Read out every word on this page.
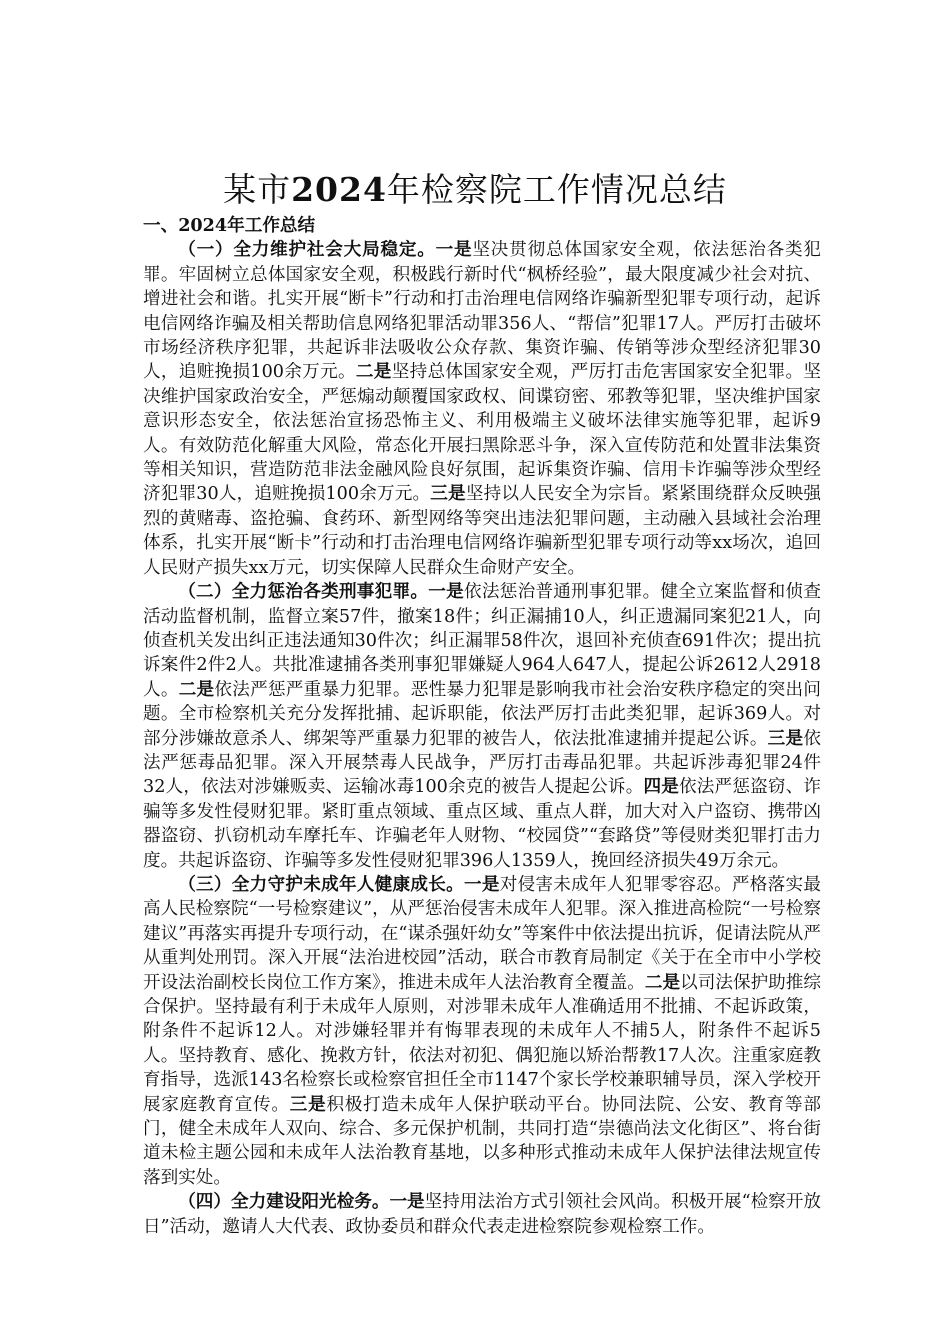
某市2024年检察院工作情况总结

一、2024年工作总结

（一）全力维护社会大局稳定。一是坚决贯彻总体国家安全观，依法惩治各类犯罪。牢固树立总体国家安全观，积极践行新时代“枫桥经验”，最大限度减少社会对抗、增进社会和谐。扎实开展“断卡”行动和打击治理电信网络诈骗新型犯罪专项行动，起诉电信网络诈骗及相关帮助信息网络犯罪活动罪356人、“帮信”犯罪17人。严厉打击破坏市场经济秩序犯罪，共起诉非法吸收公众存款、集资诈骗、传销等涉众型经济犯罪30人，追赃挽损100余万元。二是坚持总体国家安全观，严厉打击危害国家安全犯罪。坚决维护国家政治安全，严惩煽动颠覆国家政权、间谍窃密、邪教等犯罪，坚决维护国家意识形态安全，依法惩治宣扬恐怖主义、利用极端主义破坏法律实施等犯罪，起诉9人。有效防范化解重大风险，常态化开展扫黑除恶斗争，深入宣传防范和处置非法集资等相关知识，营造防范非法金融风险良好氛围，起诉集资诈骗、信用卡诈骗等涉众型经济犯罪30人，追赃挽损100余万元。三是坚持以人民安全为宗旨。紧紧围绕群众反映强烈的黄赌毒、盗抢骗、食药环、新型网络等突出违法犯罪问题，主动融入县域社会治理体系，扎实开展“断卡”行动和打击治理电信网络诈骗新型犯罪专项行动等xx场次，追回人民财产损失xx万元，切实保障人民群众生命财产安全。

（二）全力惩治各类刑事犯罪。一是依法惩治普通刑事犯罪。健全立案监督和侦查活动监督机制，监督立案57件，撤案18件；纠正漏捕10人，纠正遗漏同案犯21人，向侦查机关发出纠正违法通知30件次；纠正漏罪58件次，退回补充侦查691件次；提出抗诉案件2件2人。共批准逮捕各类刑事犯罪嫌疑人964人647人，提起公诉2612人2918人。二是依法严惩严重暴力犯罪。恶性暴力犯罪是影响我市社会治安秩序稳定的突出问题。全市检察机关充分发挥批捕、起诉职能，依法严厉打击此类犯罪，起诉369人。对部分涉嫌故意杀人、绑架等严重暴力犯罪的被告人，依法批准逮捕并提起公诉。三是依法严惩毒品犯罪。深入开展禁毒人民战争，严厉打击毒品犯罪。共起诉涉毒犯罪24件32人，依法对涉嫌贩卖、运输冰毒100余克的被告人提起公诉。四是依法严惩盗窃、诈骗等多发性侵财犯罪。紧盯重点领域、重点区域、重点人群，加大对入户盗窃、携带凶器盗窃、扒窃机动车摩托车、诈骗老年人财物、“校园贷”“套路贷”等侵财类犯罪打击力度。共起诉盗窃、诈骗等多发性侵财犯罪396人1359人，挽回经济损失49万余元。

（三）全力守护未成年人健康成长。一是对侵害未成年人犯罪零容忍。严格落实最高人民检察院“一号检察建议”，从严惩治侵害未成年人犯罪。深入推进高检院“一号检察建议”再落实再提升专项行动，在“谋杀强奸幼女”等案件中依法提出抗诉，促请法院从严从重判处刑罚。深入开展“法治进校园”活动，联合市教育局制定《关于在全市中小学校开设法治副校长岗位工作方案》，推进未成年人法治教育全覆盖。二是以司法保护助推综合保护。坚持最有利于未成年人原则，对涉罪未成年人准确适用不批捕、不起诉政策，附条件不起诉12人。对涉嫌轻罪并有悔罪表现的未成年人不捕5人，附条件不起诉5人。坚持教育、感化、挽救方针，依法对初犯、偶犯施以矫治帮教17人次。注重家庭教育指导，选派143名检察长或检察官担任全市1147个家长学校兼职辅导员，深入学校开展家庭教育宣传。三是积极打造未成年人保护联动平台。协同法院、公安、教育等部门，健全未成年人双向、综合、多元保护机制，共同打造“崇德尚法文化街区”、将台街道未检主题公园和未成年人法治教育基地，以多种形式推动未成年人保护法律法规宣传落到实处。

（四）全力建设阳光检务。一是坚持用法治方式引领社会风尚。积极开展“检察开放日”活动，邀请人大代表、政协委员和群众代表走进检察院参观检察工作。
